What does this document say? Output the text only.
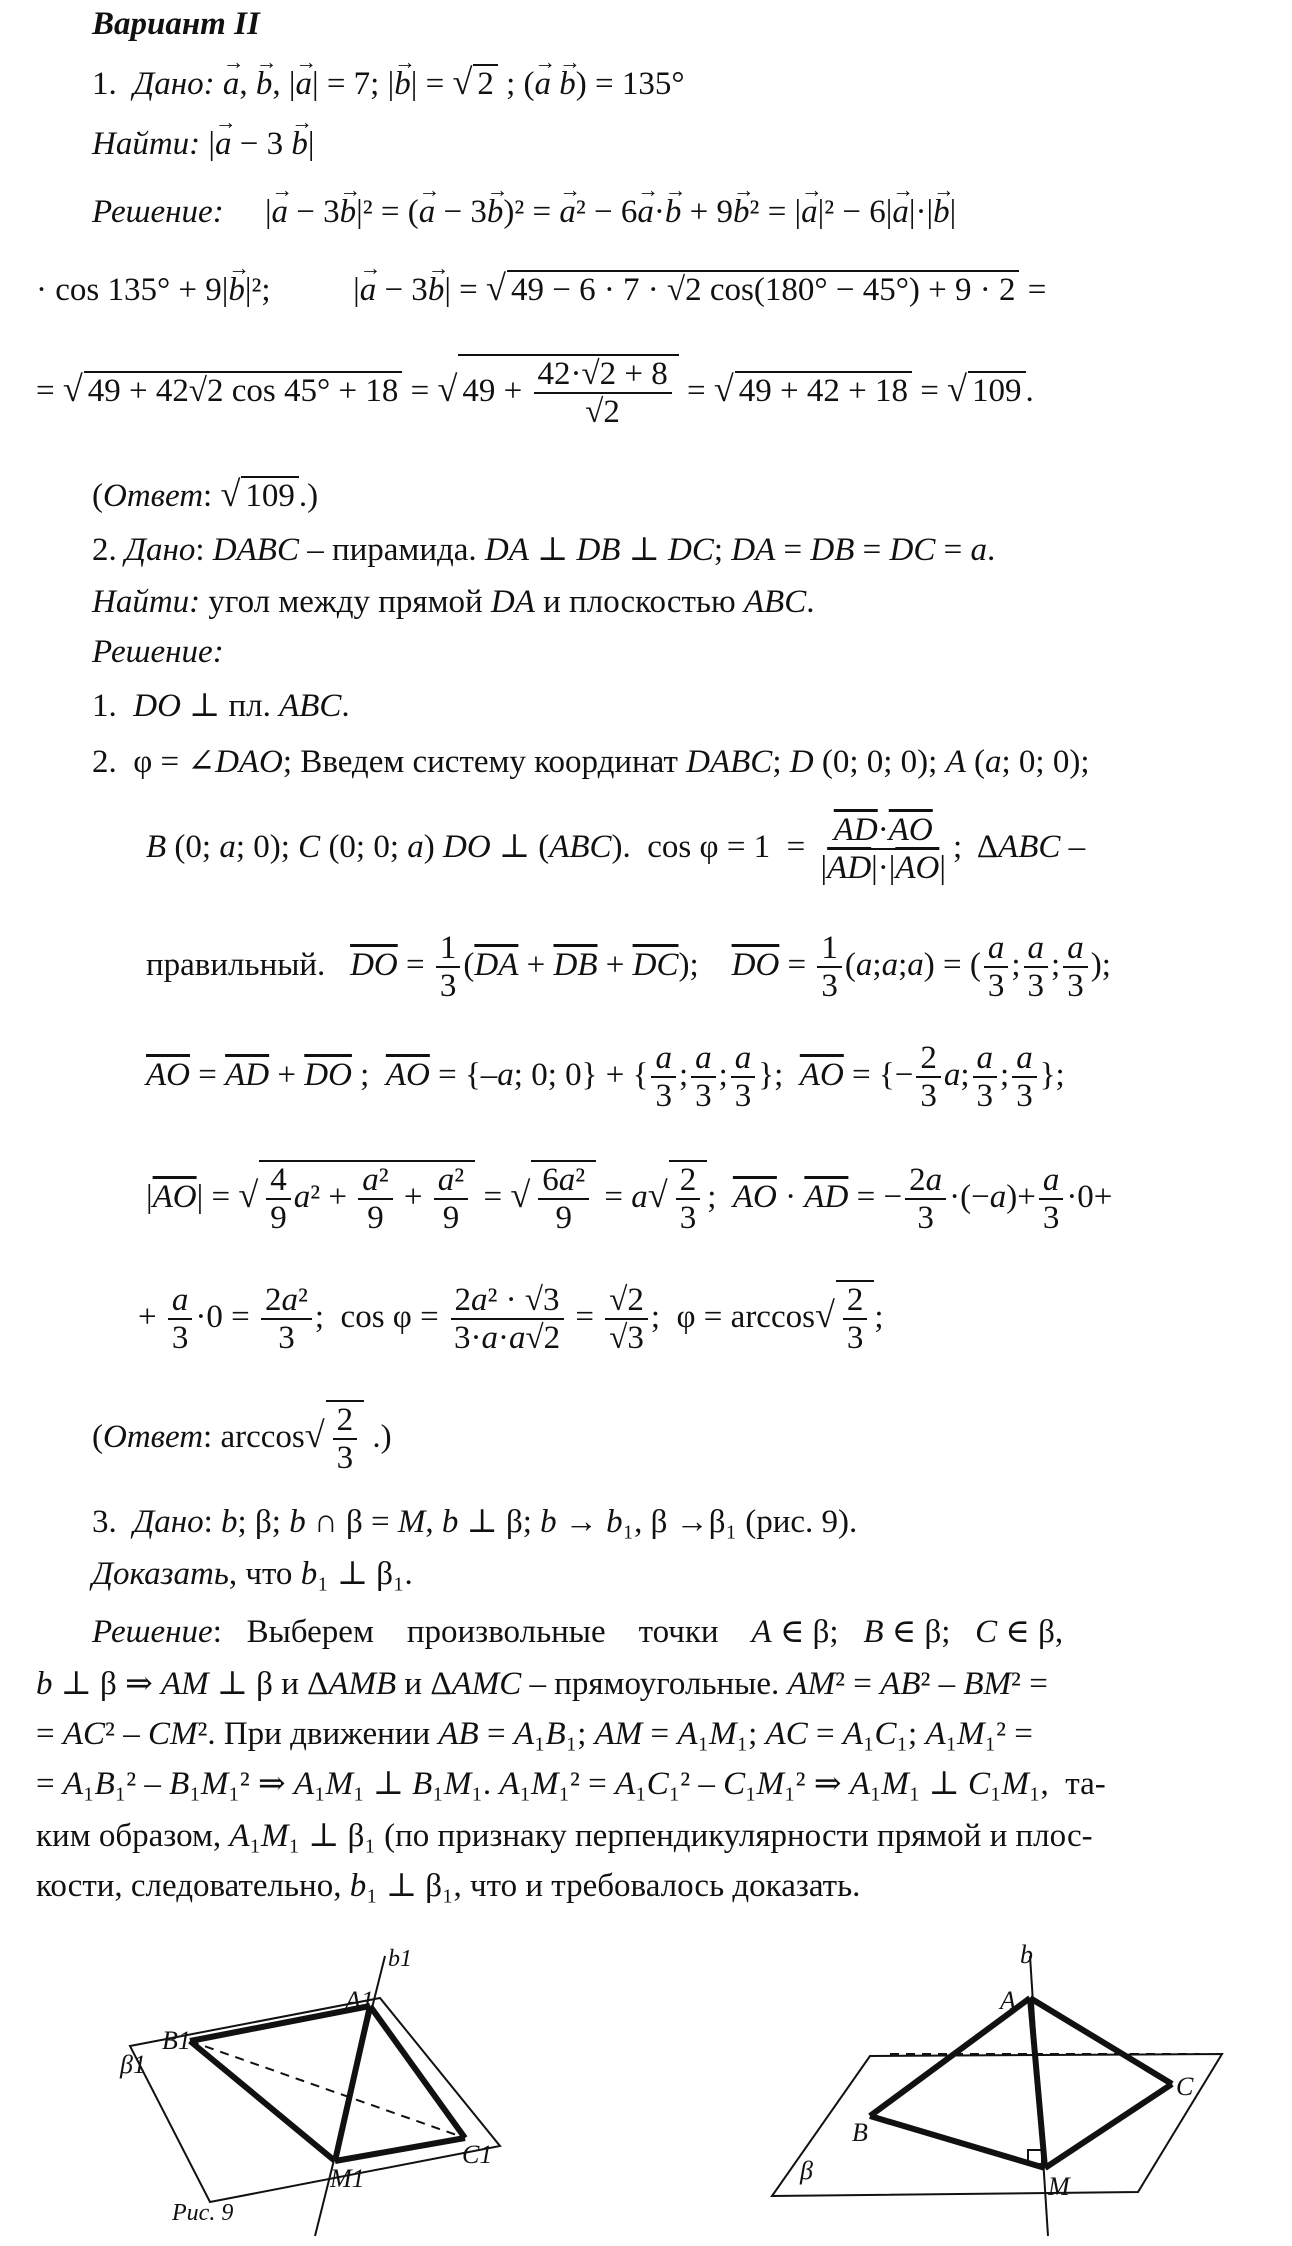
Вариант II
1. Дано: → a, → b, |→ a| = 7; |→ b| = √ 2 ; (→ a → b) = 135°
Найти: |→ a − 3 → b|
Решение:     |→ a − 3→ b|² = (→ a − 3→ b)² = → a² − 6→ a·→ b + 9→ b² = |→ a|² − 6|→ a|·|→ b|
· cos 135° + 9|→ b|²;          |→ a − 3→ b| = √ 49 − 6 · 7 · √2 cos(180° − 45°) + 9 · 2 =
= √ 49 + 42√2 cos 45° + 18 = √ $49 + \frac{42\cdot√2 + 8}{√2}$ = √ 49 + 42 + 18 = √ 109 .
(Ответ: √ 109 .)
2. Дано: DABC – пирамида. DA ⊥ DB ⊥ DC; DA = DB = DC = a.
Найти: угол между прямой DA и плоскостью ABC.
Решение:
1.  DO ⊥ пл. ABC.
2.  φ = ∠DAO; Введем систему координат DABC; D (0; 0; 0); A (a; 0; 0);
B (0; a; 0); C (0; 0; a) DO ⊥ (ABC).  $\cos \varphi = 1 = \frac{\overline{AD}\cdot\overline{AO}}{|\overline{AD}|\cdot|\overline{AO}|}$ ;  ΔABC –
правильный.   $\overline{DO} = \frac{1}{3} (\overline{DA} + \overline{DB} + \overline{DC})$;    $\overline{DO} = \frac{1}{3}$ (a;a;a) = ( $\frac{a}{3}$ ; $\frac{a}{3}$ ; $\frac{a}{3}$ );
$\overline{AO} = \overline{AD} + \overline{DO}$ ;  $\overline{AO} = \{-a$; 0; 0} + { $\frac{a}{3}$ ; $\frac{a}{3}$ ; $\frac{a}{3}$ };  $\overline{AO}$ = {− $\frac{2}{3} a$; $\frac{a}{3}$ ; $\frac{a}{3}$ };
$|\overline{AO}|$ = √ $\frac{4}{9} a^2 + \frac{\text{a²}}{9} + \frac{\text{a²}}{9}$ = √ $\frac{\text{6a²}}{9} = a√ \frac{2}{3}$ ;  $\overline{AO} \cdot \overline{AD}$ = − $\frac{2a}{3} \cdot(-a)+ \frac{a}{3} \cdot 0+$
+ $\frac{a}{3} \cdot 0 = \frac{\text{2a²}}{3}$ ;  $\cos \varphi = \frac{\text{2a² · √3}}{3\cdot a\cdot a√2} = \frac{√2}{√3}$ ;  $\varphi = \arccos√ \frac{2}{3}$ ;
(Ответ: $\arccos√ \frac{2}{3}$ .)
3.  Дано: b; β; b ∩ β = M, b ⊥ β; b → b₁, β →β₁ (рис. 9).
Доказать, что b₁ ⊥ β₁.
Решение:   Выберем    произвольные    точки    A ∈ β;   B ∈ β;   C ∈ β,
b ⊥ β ⇒ AM ⊥ β и ΔAMB и ΔAMC – прямоугольные. AM² = AB² – BM² =
= AC² – CM². При движении AB = A₁B₁; AM = A₁M₁; AC = A₁C₁; A₁M₁² =
= A₁B₁² – B₁M₁² ⇒ A₁M₁ ⊥ B₁M₁. A₁M₁² = A₁C₁² – C₁M₁² ⇒ A₁M₁ ⊥ C₁M₁,  та-
ким образом, A₁M₁ ⊥ β₁ (по признаку перпендикулярности прямой и плос-
кости, следовательно, b₁ ⊥ β₁, что и требовалось доказать.
b1
A1
B1
β1
M1
C1
Рис. 9
b
A
B
C
β
M
